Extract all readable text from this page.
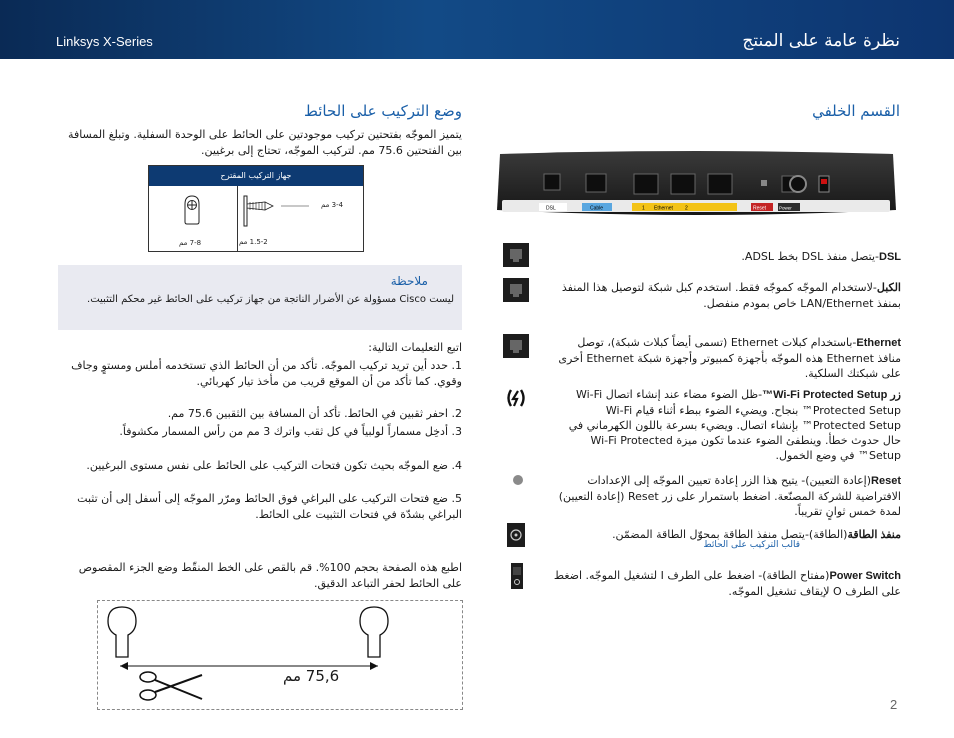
Linksys X-Series	نظرة عامة على المنتج
وضع التركيب على الحائط
يتميز الموجّه بفتحتين تركيب موجودتين على الحائط على الوحدة السفلية. وتبلغ المسافة بين الفتحتين 75.6 مم. لتركيب الموجّه، تحتاج إلى برغيين.
جهاز التركيب المقترح
3-4 مم
1.5-2 مم
7-8 مم
ملاحظة
ليست Cisco مسؤولة عن الأضرار الناتجة من جهاز تركيب على الحائط غير محكم التثبيت.
اتبع التعليمات التالية:
1. حدد أين تريد تركيب الموجّه. تأكد من أن الحائط الذي تستخدمه أملس ومستوٍ وجاف وقوي. كما تأكد من أن الموقع قريب من مأخذ تيار كهربائي.
2. احفر ثقبين في الحائط. تأكد أن المسافة بين الثقبين 75.6 مم.
3. أدخِل مسماراً لولبياً في كل ثقب واترك 3 مم من رأس المسمار مكشوفاً.
4. ضع الموجّه بحيث تكون فتحات التركيب على الحائط على نفس مستوى البرغيين.
5. ضع فتحات التركيب على البراغي فوق الحائط ومرّر الموجّه إلى أسفل إلى أن تثبت البراغي بشدّة في فتحات التثبيت على الحائط.
قالب التركيب على الحائط
اطبع هذه الصفحة بحجم 100%. قم بالقص على الخط المنقّط وضع الجزء المقصوص على الحائط لحفر التباعد الدقيق.
75,6 مم
القسم الخلفي
DSL	Cable	1 Ethernet 2	Reset	Power
DSL-يتصل منفذ DSL بخط ADSL.
الكبل-لاستخدام الموجّه كموجّه فقط. استخدم كبل شبكة لتوصيل هذا المنفذ بمنفذ LAN/Ethernet خاص بمودم منفصل.
Ethernet-باستخدام كبلات Ethernet (تسمى أيضاً كبلات شبكة)، توصل منافذ Ethernet هذه الموجّه بأجهزة كمبيوتر وأجهزة شبكة Ethernet أخرى على شبكتك السلكية.
زر Wi-Fi Protected Setup™-ظل الضوء مضاء عند إنشاء اتصال Wi-Fi Protected Setup™ بنجاح. ويضيء الضوء ببطء أثناء قيام Wi-Fi Protected Setup™ بإنشاء اتصال. ويضيء بسرعة باللون الكهرماني في حال حدوث خطأ. وينطفئ الضوء عندما تكون ميزة Wi-Fi Protected Setup™ في وضع الخمول.
Reset(إعادة التعيين)- يتيح هذا الزر إعادة تعيين الموجّه إلى الإعدادات الافتراضية للشركة المصنّعة. اضغط باستمرار على زر Reset (إعادة التعيين) لمدة خمس ثوانٍ تقريباً.
منفذ الطاقة(الطاقة)-يتصل منفذ الطاقة بمحوّل الطاقة المضمّن.
Power Switch(مفتاح الطاقة)- اضغط على الطرف I لتشغيل الموجّه. اضغط على الطرف O لإيقاف تشغيل الموجّه.
2
